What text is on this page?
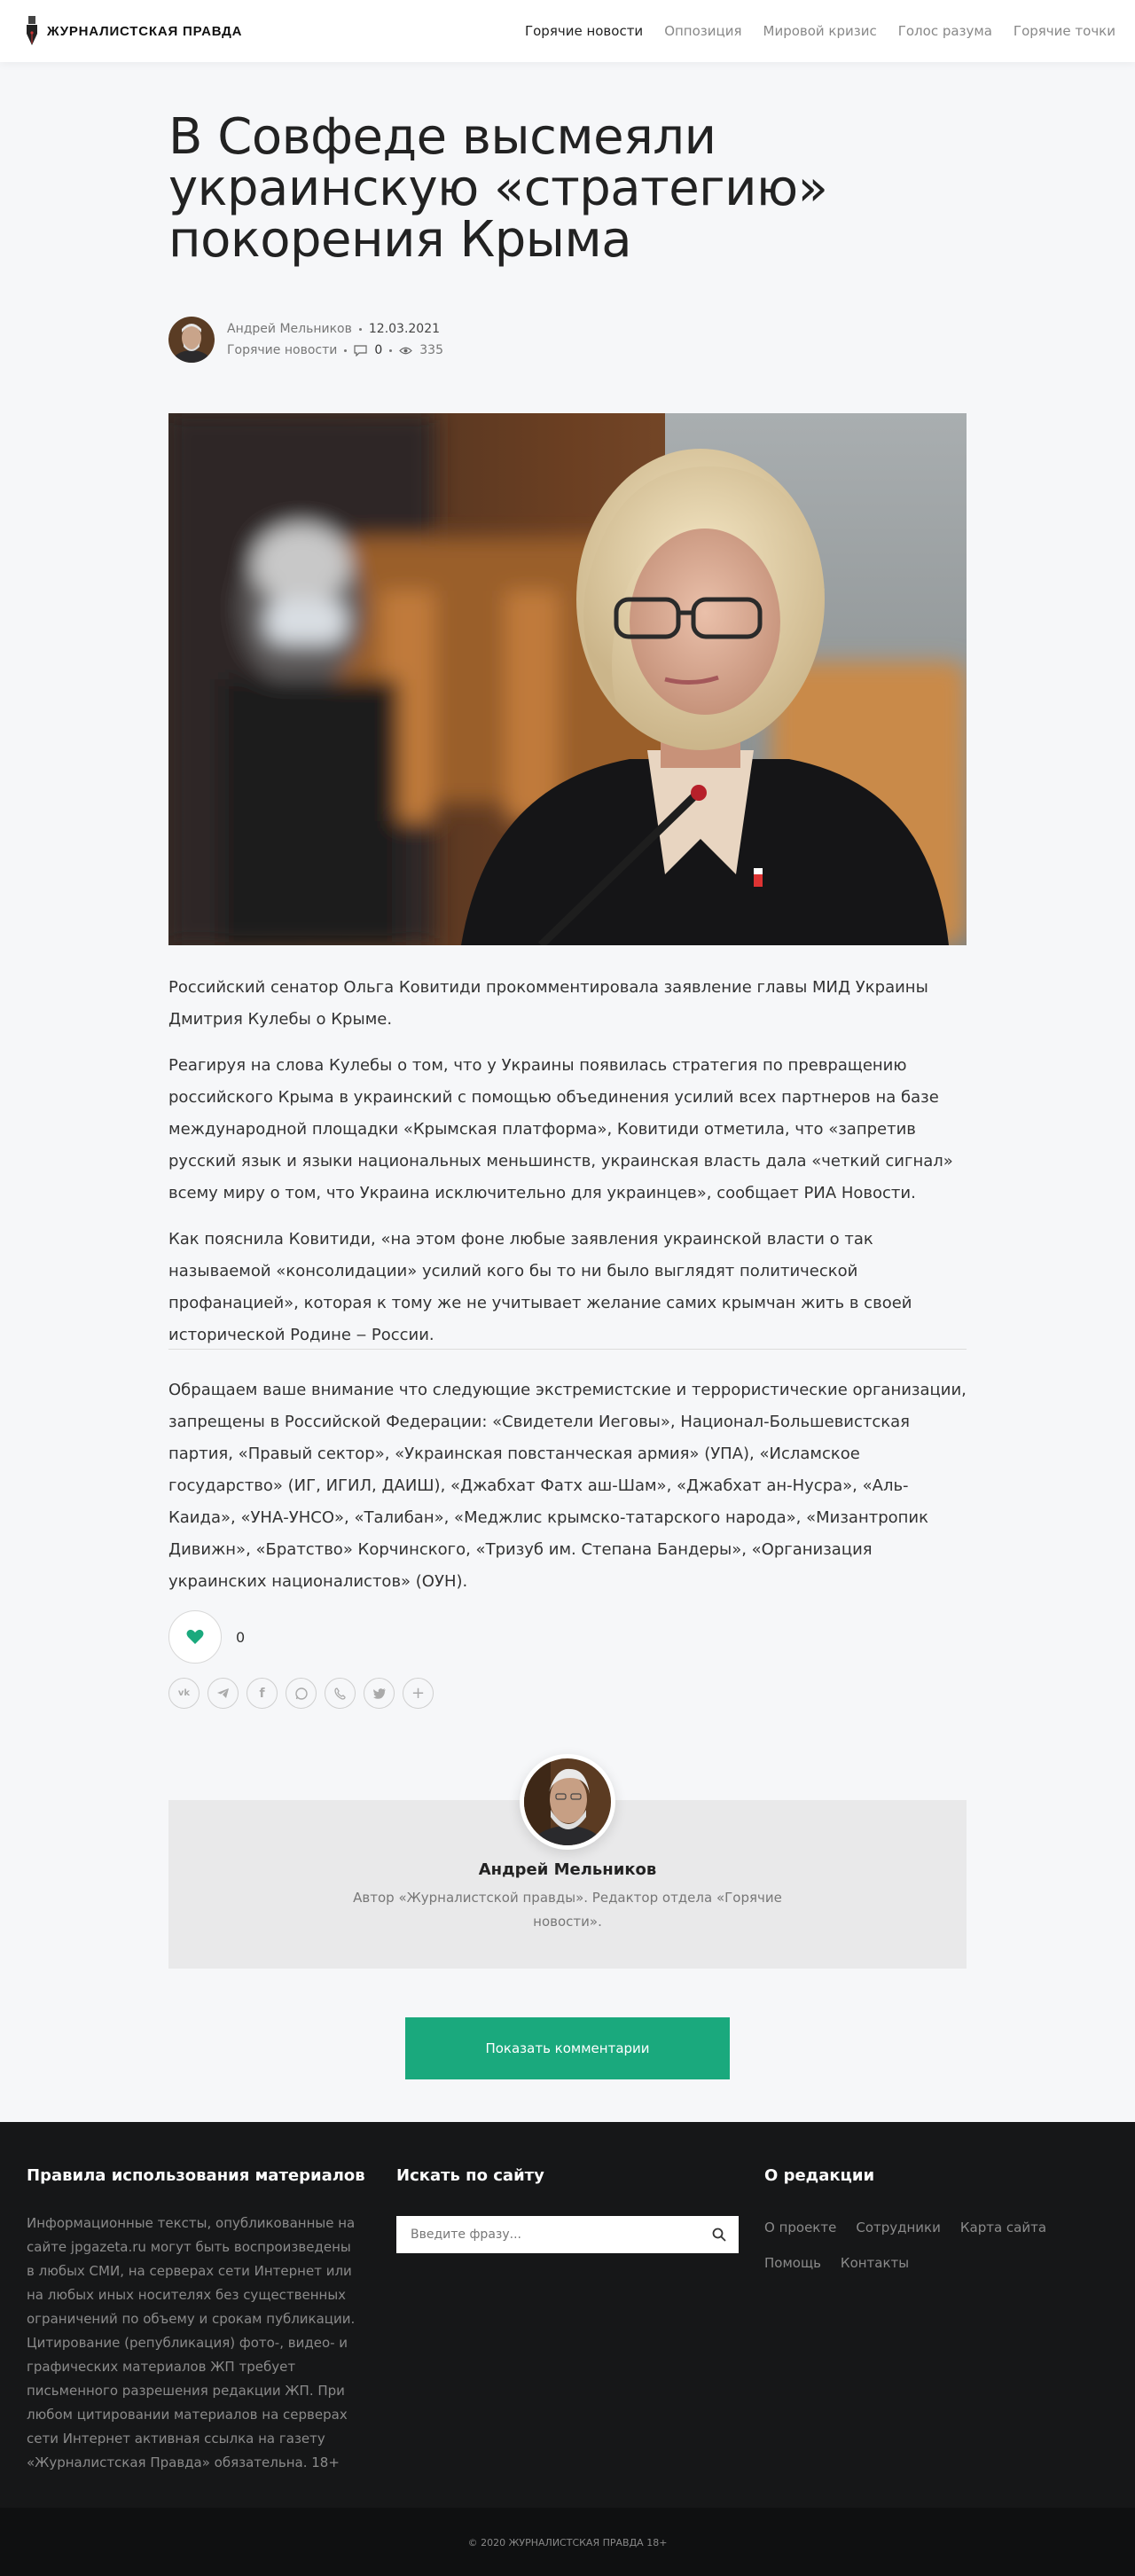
ЖУРНАЛИСТСКАЯ ПРАВДА	Горячие новости Оппозиция Мировой кризис Голос разума Горячие точки
В Совфеде высмеяли украинскую «стратегию» покорения Крыма
Андрей Мельников 12.03.2021
Горячие новости	0	335

Российский сенатор Ольга Ковитиди прокомментировала заявление главы МИД Украины Дмитрия Кулебы о Крыме.

Реагируя на слова Кулебы о том, что у Украины появилась стратегия по превращению российского Крыма в украинский с помощью объединения усилий всех партнеров на базе международной площадки «Крымская платформа», Ковитиди отметила, что «запретив русский язык и языки национальных меньшинств, украинская власть дала «четкий сигнал» всему миру о том, что Украина исключительно для украинцев», сообщает РИА Новости.

Как пояснила Ковитиди, «на этом фоне любые заявления украинской власти о так называемой «консолидации» усилий кого бы то ни было выглядят политической профанацией», которая к тому же не учитывает желание самих крымчан жить в своей исторической Родине ‒ России.

Обращаем ваше внимание что следующие экстремистские и террористические организации, запрещены в Российской Федерации: «Свидетели Иеговы», Национал-Большевистская партия, «Правый сектор», «Украинская повстанческая армия» (УПА), «Исламское государство» (ИГ, ИГИЛ, ДАИШ), «Джабхат Фатх аш-Шам», «Джабхат ан-Нусра», «Аль-Каида», «УНА-УНСО», «Талибан», «Меджлис крымско-татарского народа», «Мизантропик Дивижн», «Братство» Корчинского, «Тризуб им. Степана Бандеры», «Организация украинских националистов» (ОУН).

0
vk	f	+
Андрей Мельников
Автор «Журналистской правды». Редактор отдела «Горячие новости».
Показать комментарии
Правила использования материалов
Информационные тексты, опубликованные на сайте jpgazeta.ru могут быть воспроизведены в любых СМИ, на серверах сети Интернет или на любых иных носителях без существенных ограничений по объему и срокам публикации. Цитирование (републикация) фото-, видео- и графических материалов ЖП требует письменного разрешения редакции ЖП. При любом цитировании материалов на серверах сети Интернет активная ссылка на газету «Журналистская Правда» обязательна. 18+
Искать по сайту
Введите фразу...	О редакции
О проекте Сотрудники Карта сайта
Помощь Контакты
© 2020 ЖУРНАЛИСТСКАЯ ПРАВДА 18+
